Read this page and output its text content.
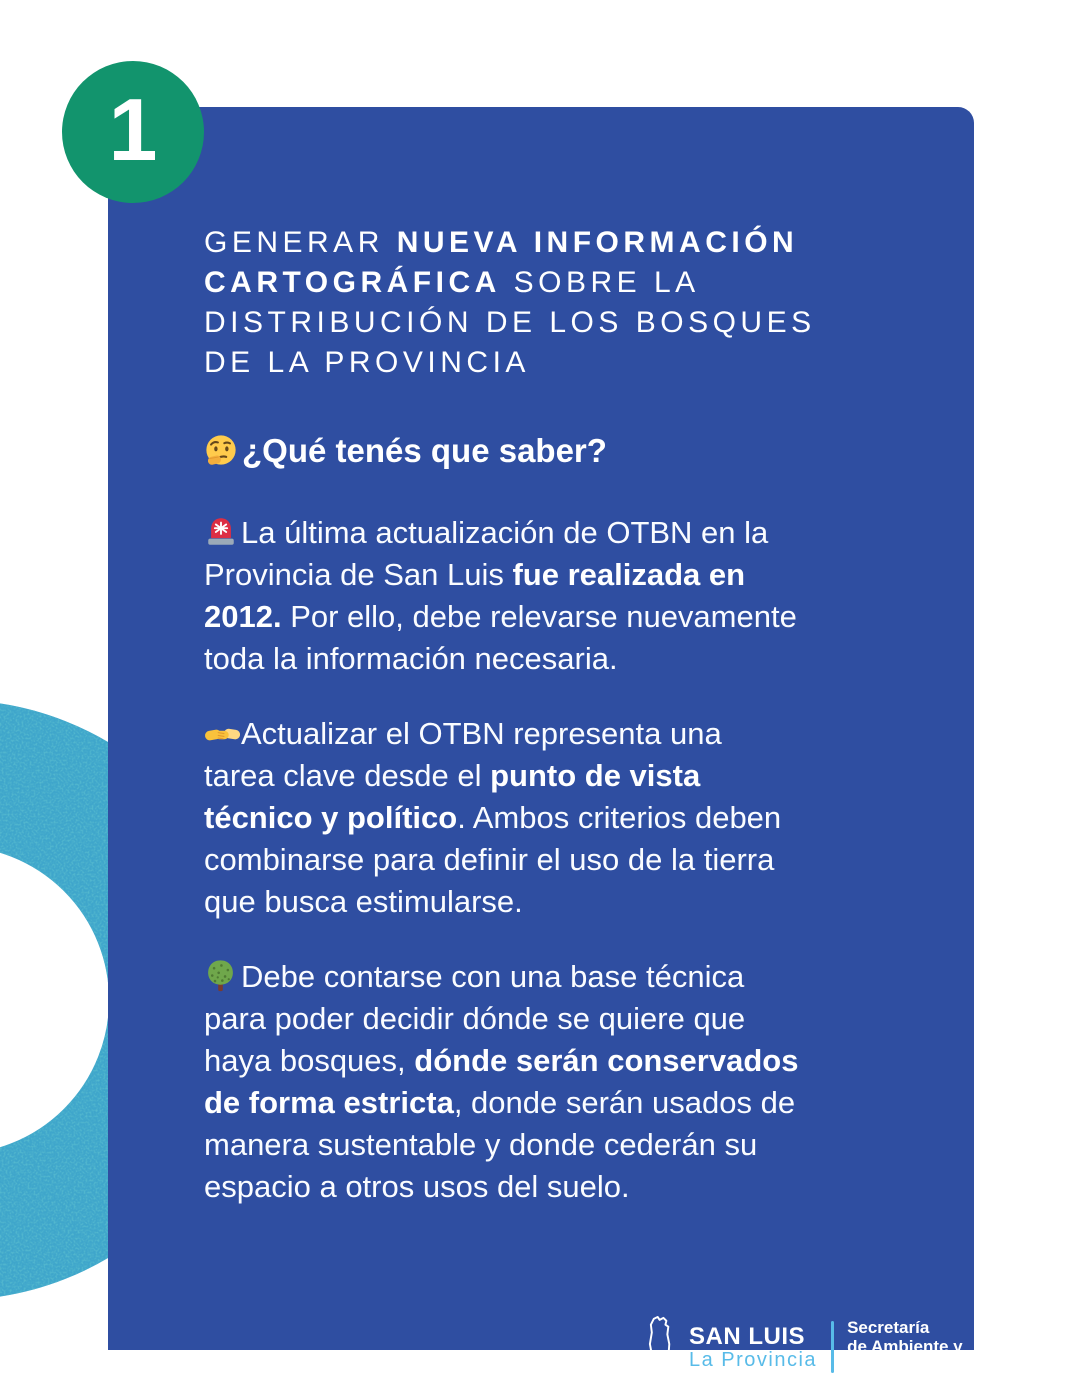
GENERAR NUEVA INFORMACIÓN
CARTOGRÁFICA SOBRE LA
DISTRIBUCIÓN DE LOS BOSQUES
DE LA PROVINCIA
¿Qué tenés que saber?
La última actualización de OTBN en la
Provincia de San Luis fue realizada en
2012. Por ello, debe relevarse nuevamente
toda la información necesaria.
Actualizar el OTBN representa una
tarea clave desde el punto de vista
técnico y político. Ambos criterios deben
combinarse para definir el uso de la tierra
que busca estimularse.
Debe contarse con una base técnica
para poder decidir dónde se quiere que
haya bosques, dónde serán conservados
de forma estricta, donde serán usados de
manera sustentable y donde cederán su
espacio a otros usos del suelo.
SAN LUIS
La Provincia
Secretaría
de Ambiente y
Desarrollo Sustentable
1
